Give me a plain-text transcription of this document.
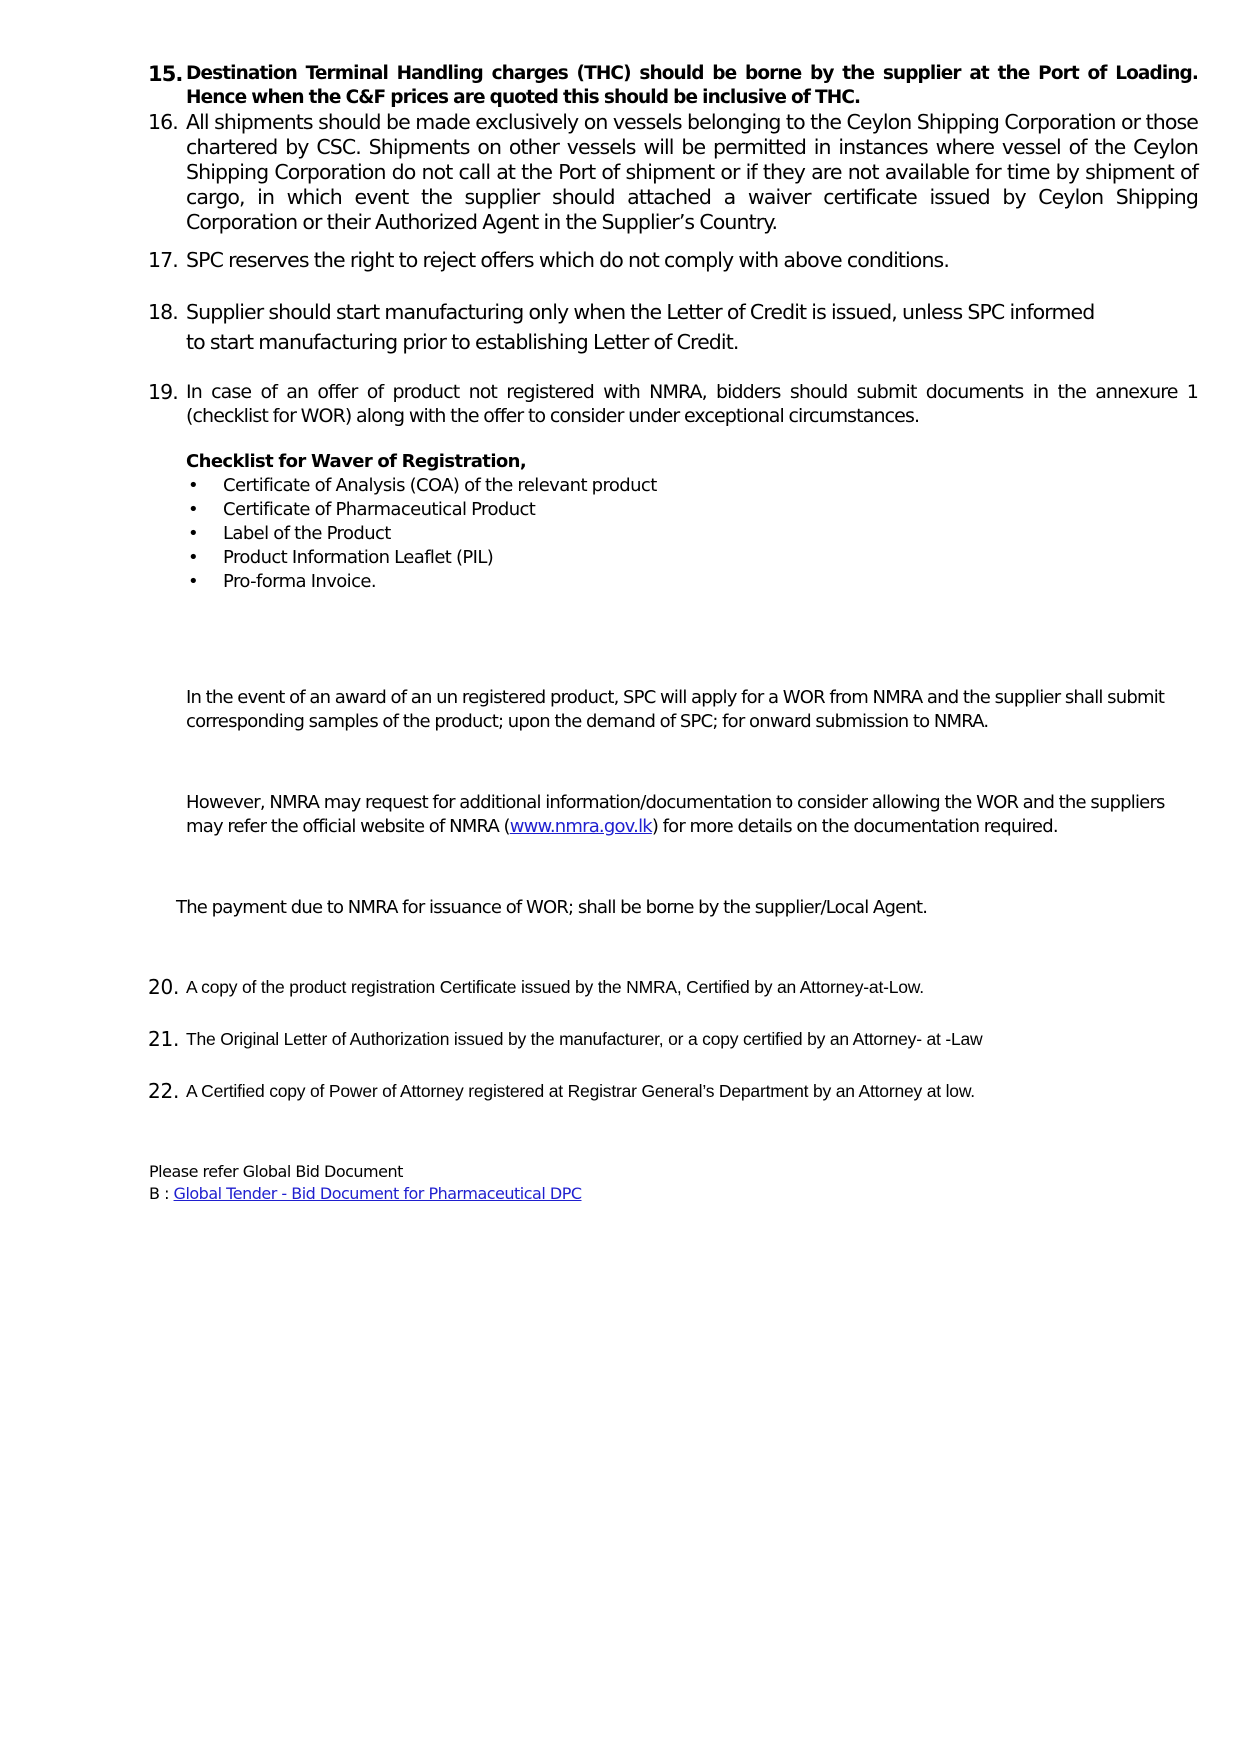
15. Destination Terminal Handling charges (THC) should be borne by the supplier at the Port of Loading. Hence when the C&F prices are quoted this should be inclusive of THC.
16. All shipments should be made exclusively on vessels belonging to the Ceylon Shipping Corporation or those chartered by CSC. Shipments on other vessels will be permitted in instances where vessel of the Ceylon Shipping Corporation do not call at the Port of shipment or if they are not available for time by shipment of cargo, in which event the supplier should attached a waiver certificate issued by Ceylon Shipping Corporation or their Authorized Agent in the Supplier’s Country.
17. SPC reserves the right to reject offers which do not comply with above conditions.
18. Supplier should start manufacturing only when the Letter of Credit is issued, unless SPC informed
to start manufacturing prior to establishing Letter of Credit.
19. In case of an offer of product not registered with NMRA, bidders should submit documents in the annexure 1 (checklist for WOR) along with the offer to consider under exceptional circumstances.
Checklist for Waver of Registration,
• Certificate of Analysis (COA) of the relevant product
• Certificate of Pharmaceutical Product
• Label of the Product
• Product Information Leaflet (PIL)
• Pro-forma Invoice.
In the event of an award of an un registered product, SPC will apply for a WOR from NMRA and the supplier shall submit corresponding samples of the product; upon the demand of SPC; for onward submission to NMRA.
However, NMRA may request for additional information/documentation to consider allowing the WOR and the suppliers may refer the official website of NMRA (www.nmra.gov.lk) for more details on the documentation required.
The payment due to NMRA for issuance of WOR; shall be borne by the supplier/Local Agent.
20. A copy of the product registration Certificate issued by the NMRA, Certified by an Attorney-at-Low.
21. The Original Letter of Authorization issued by the manufacturer, or a copy certified by an Attorney- at -Law
22. A Certified copy of Power of Attorney registered at Registrar General’s Department by an Attorney at low.
Please refer Global Bid Document
B : Global Tender - Bid Document for Pharmaceutical DPC
